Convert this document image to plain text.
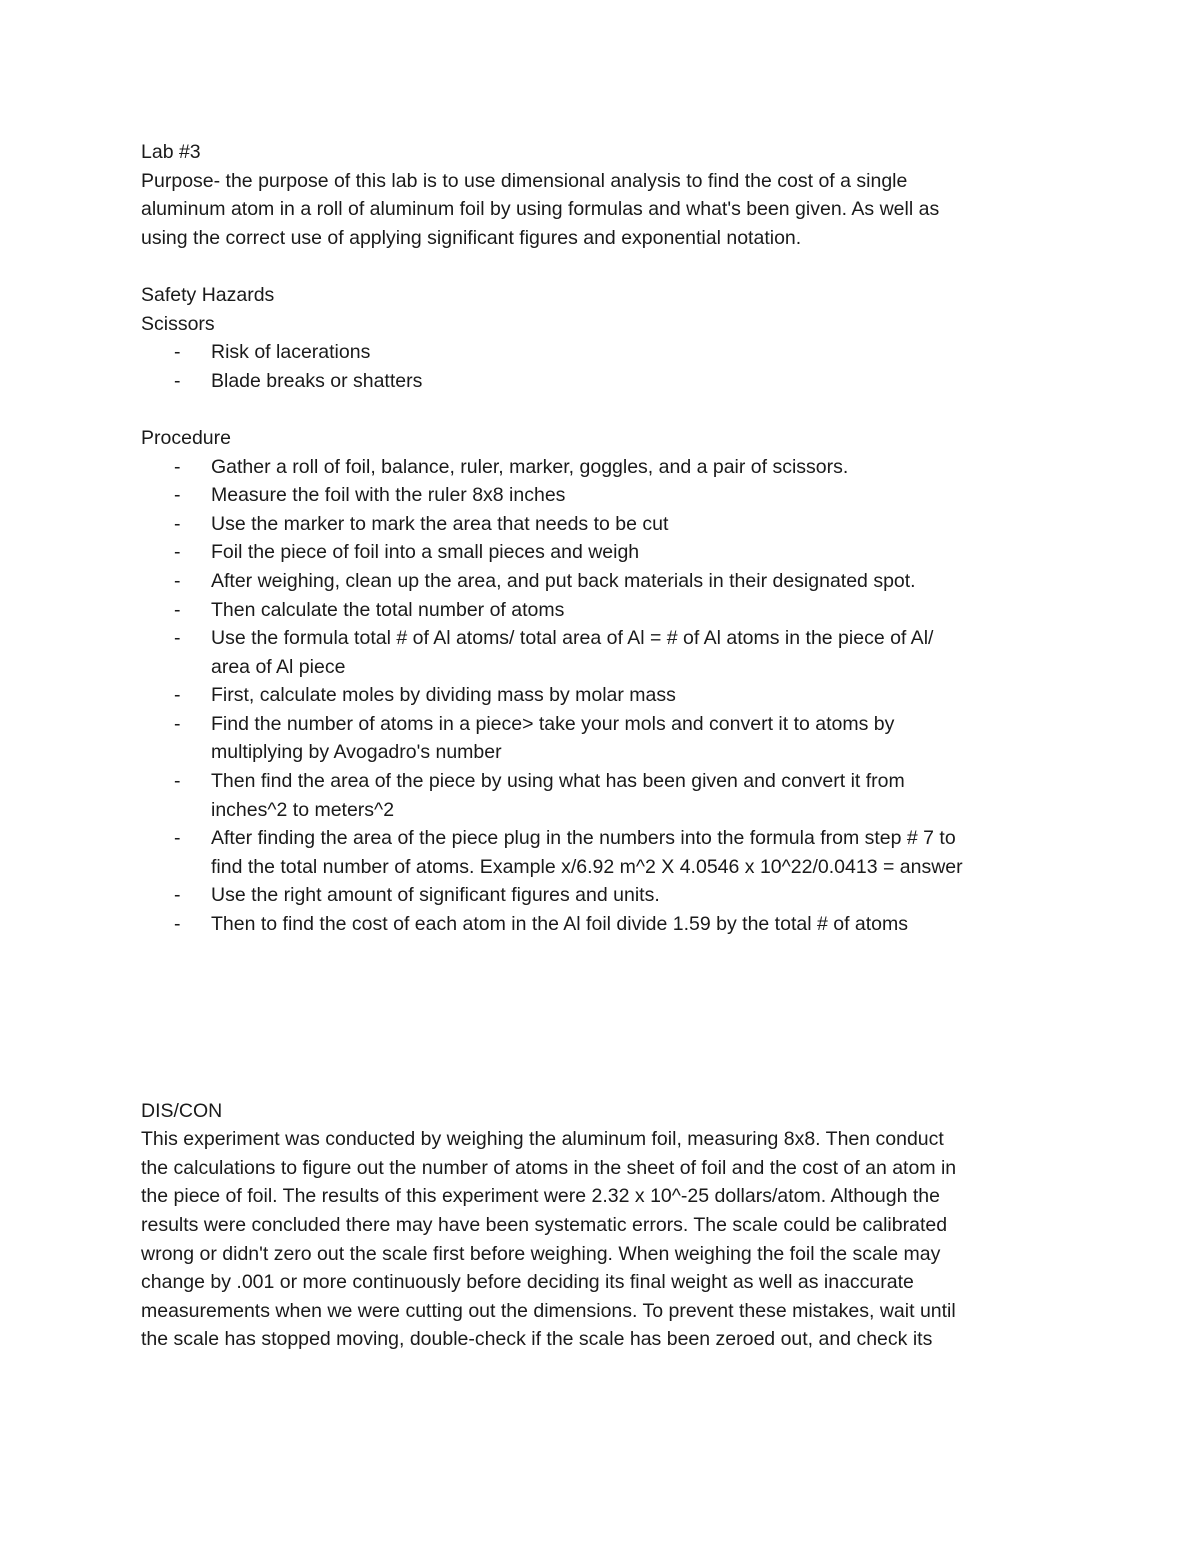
Lab #3
Purpose- the purpose of this lab is to use dimensional analysis to find the cost of a single
aluminum atom in a roll of aluminum foil by using formulas and what's been given. As well as
using the correct use of applying significant figures and exponential notation.
Safety Hazards
Scissors
- Risk of lacerations
- Blade breaks or shatters
Procedure
- Gather a roll of foil, balance, ruler, marker, goggles, and a pair of scissors.
- Measure the foil with the ruler 8x8 inches
- Use the marker to mark the area that needs to be cut
- Foil the piece of foil into a small pieces and weigh
- After weighing, clean up the area, and put back materials in their designated spot.
- Then calculate the total number of atoms
- Use the formula total # of Al atoms/ total area of Al = # of Al atoms in the piece of Al/
area of Al piece
- First, calculate moles by dividing mass by molar mass
- Find the number of atoms in a piece> take your mols and convert it to atoms by
multiplying by Avogadro's number
- Then find the area of the piece by using what has been given and convert it from
inches^2 to meters^2
- After finding the area of the piece plug in the numbers into the formula from step # 7 to
find the total number of atoms. Example x/6.92 m^2 X 4.0546 x 10^22/0.0413 = answer
- Use the right amount of significant figures and units.
- Then to find the cost of each atom in the Al foil divide 1.59 by the total # of atoms
DIS/CON
This experiment was conducted by weighing the aluminum foil, measuring 8x8. Then conduct
the calculations to figure out the number of atoms in the sheet of foil and the cost of an atom in
the piece of foil. The results of this experiment were 2.32 x 10^-25 dollars/atom. Although the
results were concluded there may have been systematic errors. The scale could be calibrated
wrong or didn't zero out the scale first before weighing. When weighing the foil the scale may
change by .001 or more continuously before deciding its final weight as well as inaccurate
measurements when we were cutting out the dimensions. To prevent these mistakes, wait until
the scale has stopped moving, double-check if the scale has been zeroed out, and check its
